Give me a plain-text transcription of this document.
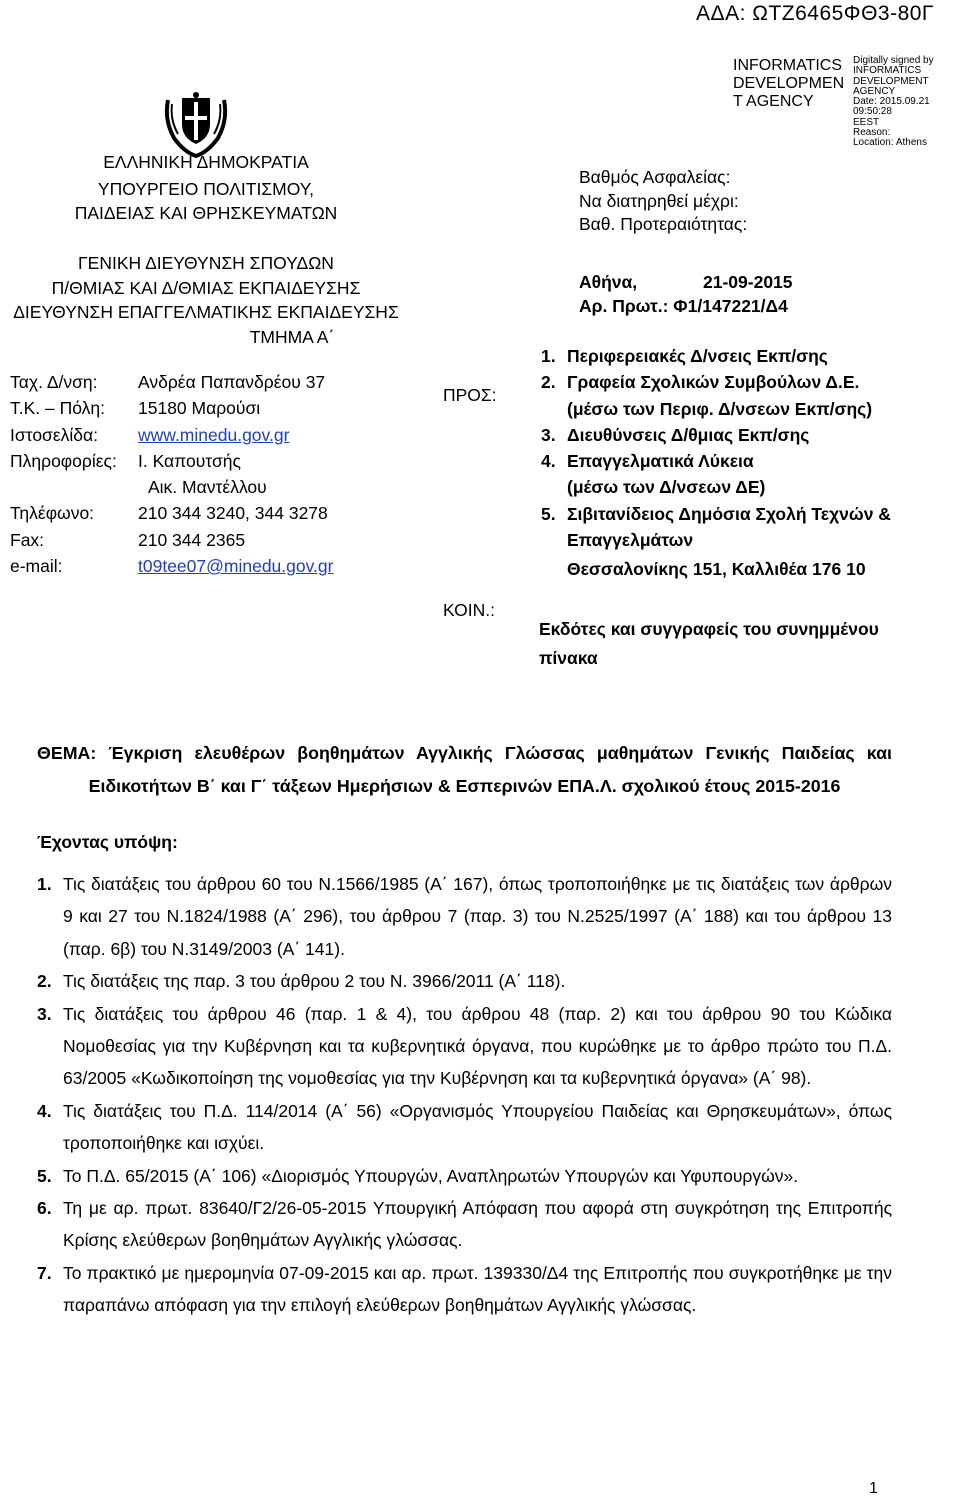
ΑΔΑ: ΩΤΖ6465ΦΘ3-80Γ
INFORMATICS DEVELOPMEN T AGENCY
Digitally signed by
INFORMATICS
DEVELOPMENT AGENCY
Date: 2015.09.21 09:50:28
EEST
Reason:
Location: Athens
ΕΛΛΗΝΙΚΗ ΔΗΜΟΚΡΑΤΙΑ
ΥΠΟΥΡΓΕΙΟ ΠΟΛΙΤΙΣΜΟΥ,
ΠΑΙΔΕΙΑΣ ΚΑΙ ΘΡΗΣΚΕΥΜΑΤΩΝ
ΓΕΝΙΚΗ ΔΙΕΥΘΥΝΣΗ ΣΠΟΥΔΩΝ
Π/ΘΜΙΑΣ ΚΑΙ Δ/ΘΜΙΑΣ ΕΚΠΑΙΔΕΥΣΗΣ
ΔΙΕΥΘΥΝΣΗ ΕΠΑΓΓΕΛΜΑΤΙΚΗΣ ΕΚΠΑΙΔΕΥΣΗΣ
ΤΜΗΜΑ Α΄
Ταχ. Δ/νση:	Ανδρέα Παπανδρέου 37
Τ.Κ. – Πόλη:	15180 Μαρούσι
Ιστοσελίδα:	www.minedu.gov.gr
Πληροφορίες:	Ι. Καπουτσής
Αικ. Μαντέλλου
Τηλέφωνο:	210 344 3240, 344 3278
Fax:	210 344 2365
e-mail:	t09tee07@minedu.gov.gr
ΠΡΟΣ:
ΚΟΙΝ.:
Βαθμός Ασφαλείας:
Να διατηρηθεί μέχρι:
Βαθ. Προτεραιότητας:
Αθήνα,	21-09-2015
Αρ. Πρωτ.: Φ1/147221/Δ4
1. Περιφερειακές Δ/νσεις Εκπ/σης
2. Γραφεία Σχολικών Συμβούλων Δ.Ε.
(μέσω των Περιφ. Δ/νσεων Εκπ/σης)
3. Διευθύνσεις Δ/θμιας Εκπ/σης
4. Επαγγελματικά Λύκεια
(μέσω των Δ/νσεων ΔΕ)
5. Σιβιτανίδειος Δημόσια Σχολή Τεχνών &
Επαγγελμάτων
Θεσσαλονίκης 151, Καλλιθέα 176 10
Εκδότες και συγγραφείς του συνημμένου
πίνακα
ΘΕΜΑ: Έγκριση ελευθέρων βοηθημάτων Αγγλικής Γλώσσας μαθημάτων Γενικής Παιδείας και
Ειδικοτήτων Β΄ και Γ΄ τάξεων Ημερήσιων & Εσπερινών ΕΠΑ.Λ. σχολικού έτους 2015-2016
Έχοντας υπόψη:
1. Τις διατάξεις του άρθρου 60 του Ν.1566/1985 (Α΄ 167), όπως τροποποιήθηκε με τις διατάξεις των άρθρων 9 και 27 του Ν.1824/1988 (Α΄ 296), του άρθρου 7 (παρ. 3) του Ν.2525/1997 (Α΄ 188) και του άρθρου 13 (παρ. 6β) του Ν.3149/2003 (Α΄ 141).
2. Τις διατάξεις της παρ. 3 του άρθρου 2 του Ν. 3966/2011 (Α΄ 118).
3. Τις διατάξεις του άρθρου 46 (παρ. 1 & 4), του άρθρου 48 (παρ. 2) και του άρθρου 90 του Κώδικα Νομοθεσίας για την Κυβέρνηση και τα κυβερνητικά όργανα, που κυρώθηκε με το άρθρο πρώτο του Π.Δ. 63/2005 «Κωδικοποίηση της νομοθεσίας για την Κυβέρνηση και τα κυβερνητικά όργανα» (Α΄ 98).
4. Τις διατάξεις του Π.Δ. 114/2014 (Α΄ 56) «Οργανισμός Υπουργείου Παιδείας και Θρησκευμάτων», όπως τροποποιήθηκε και ισχύει.
5. Το Π.Δ. 65/2015 (Α΄ 106) «Διορισμός Υπουργών, Αναπληρωτών Υπουργών και Υφυπουργών».
6. Τη με αρ. πρωτ. 83640/Γ2/26-05-2015 Υπουργική Απόφαση που αφορά στη συγκρότηση της Επιτροπής Κρίσης ελεύθερων βοηθημάτων Αγγλικής γλώσσας.
7. Το πρακτικό με ημερομηνία 07-09-2015 και αρ. πρωτ. 139330/Δ4 της Επιτροπής που συγκροτήθηκε με την παραπάνω απόφαση για την επιλογή ελεύθερων βοηθημάτων Αγγλικής γλώσσας.
1
